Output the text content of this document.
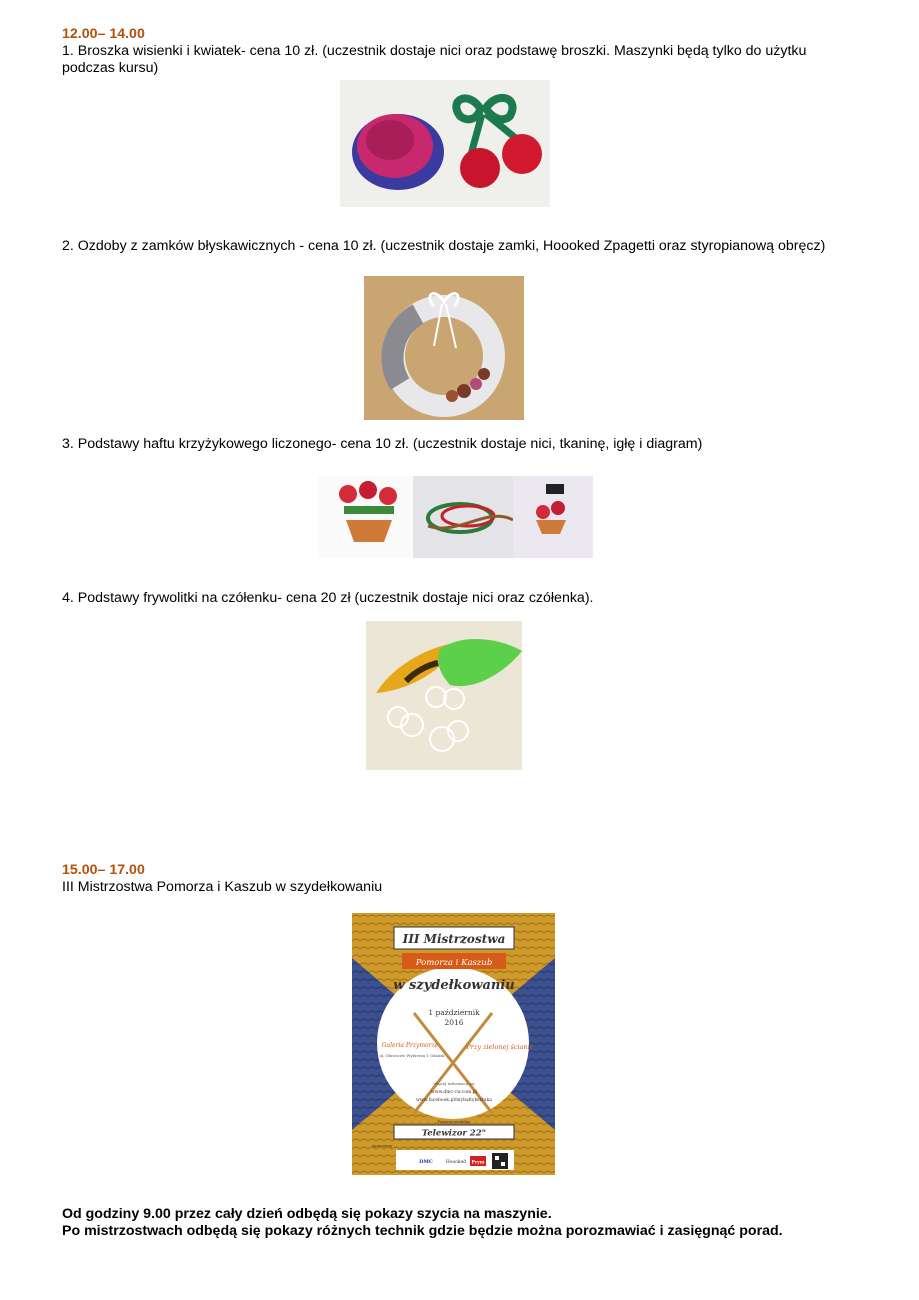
12.00– 14.00
1. Broszka wisienki i kwiatek- cena 10 zł. (uczestnik dostaje nici oraz podstawę broszki. Maszynki będą tylko do użytku podczas kursu)
2. Ozdoby z zamków błyskawicznych - cena 10 zł. (uczestnik dostaje zamki, Hoooked Zpagetti oraz styropianową obręcz)
3. Podstawy haftu krzyżykowego liczonego- cena 10 zł. (uczestnik dostaje nici, tkaninę, igłę i diagram)
4. Podstawy frywolitki na czółenku- cena 20 zł (uczestnik dostaje nici oraz czółenka).
15.00– 17.00
III Mistrzostwa Pomorza i Kaszub w szydełkowaniu
III Mistrzostwa
Pomorza i Kaszub
w szydełkowaniu
1 październik
2016
Galeria Przymorze
ul. Obrońców Wybrzeża 1 Gdańsk
Przy zielonej ścianie
więcej informacji na
www.dmc-cw.com.pl
www.facebook.pl/mybaltyksztuka
Patronat medialny
Telewizor 22"
sponsorzy
DMC	Hoooked Prym
Od godziny 9.00 przez cały dzień odbędą się pokazy szycia na maszynie.
Po mistrzostwach odbędą się pokazy różnych technik gdzie będzie można porozmawiać i zasięgnąć porad.
